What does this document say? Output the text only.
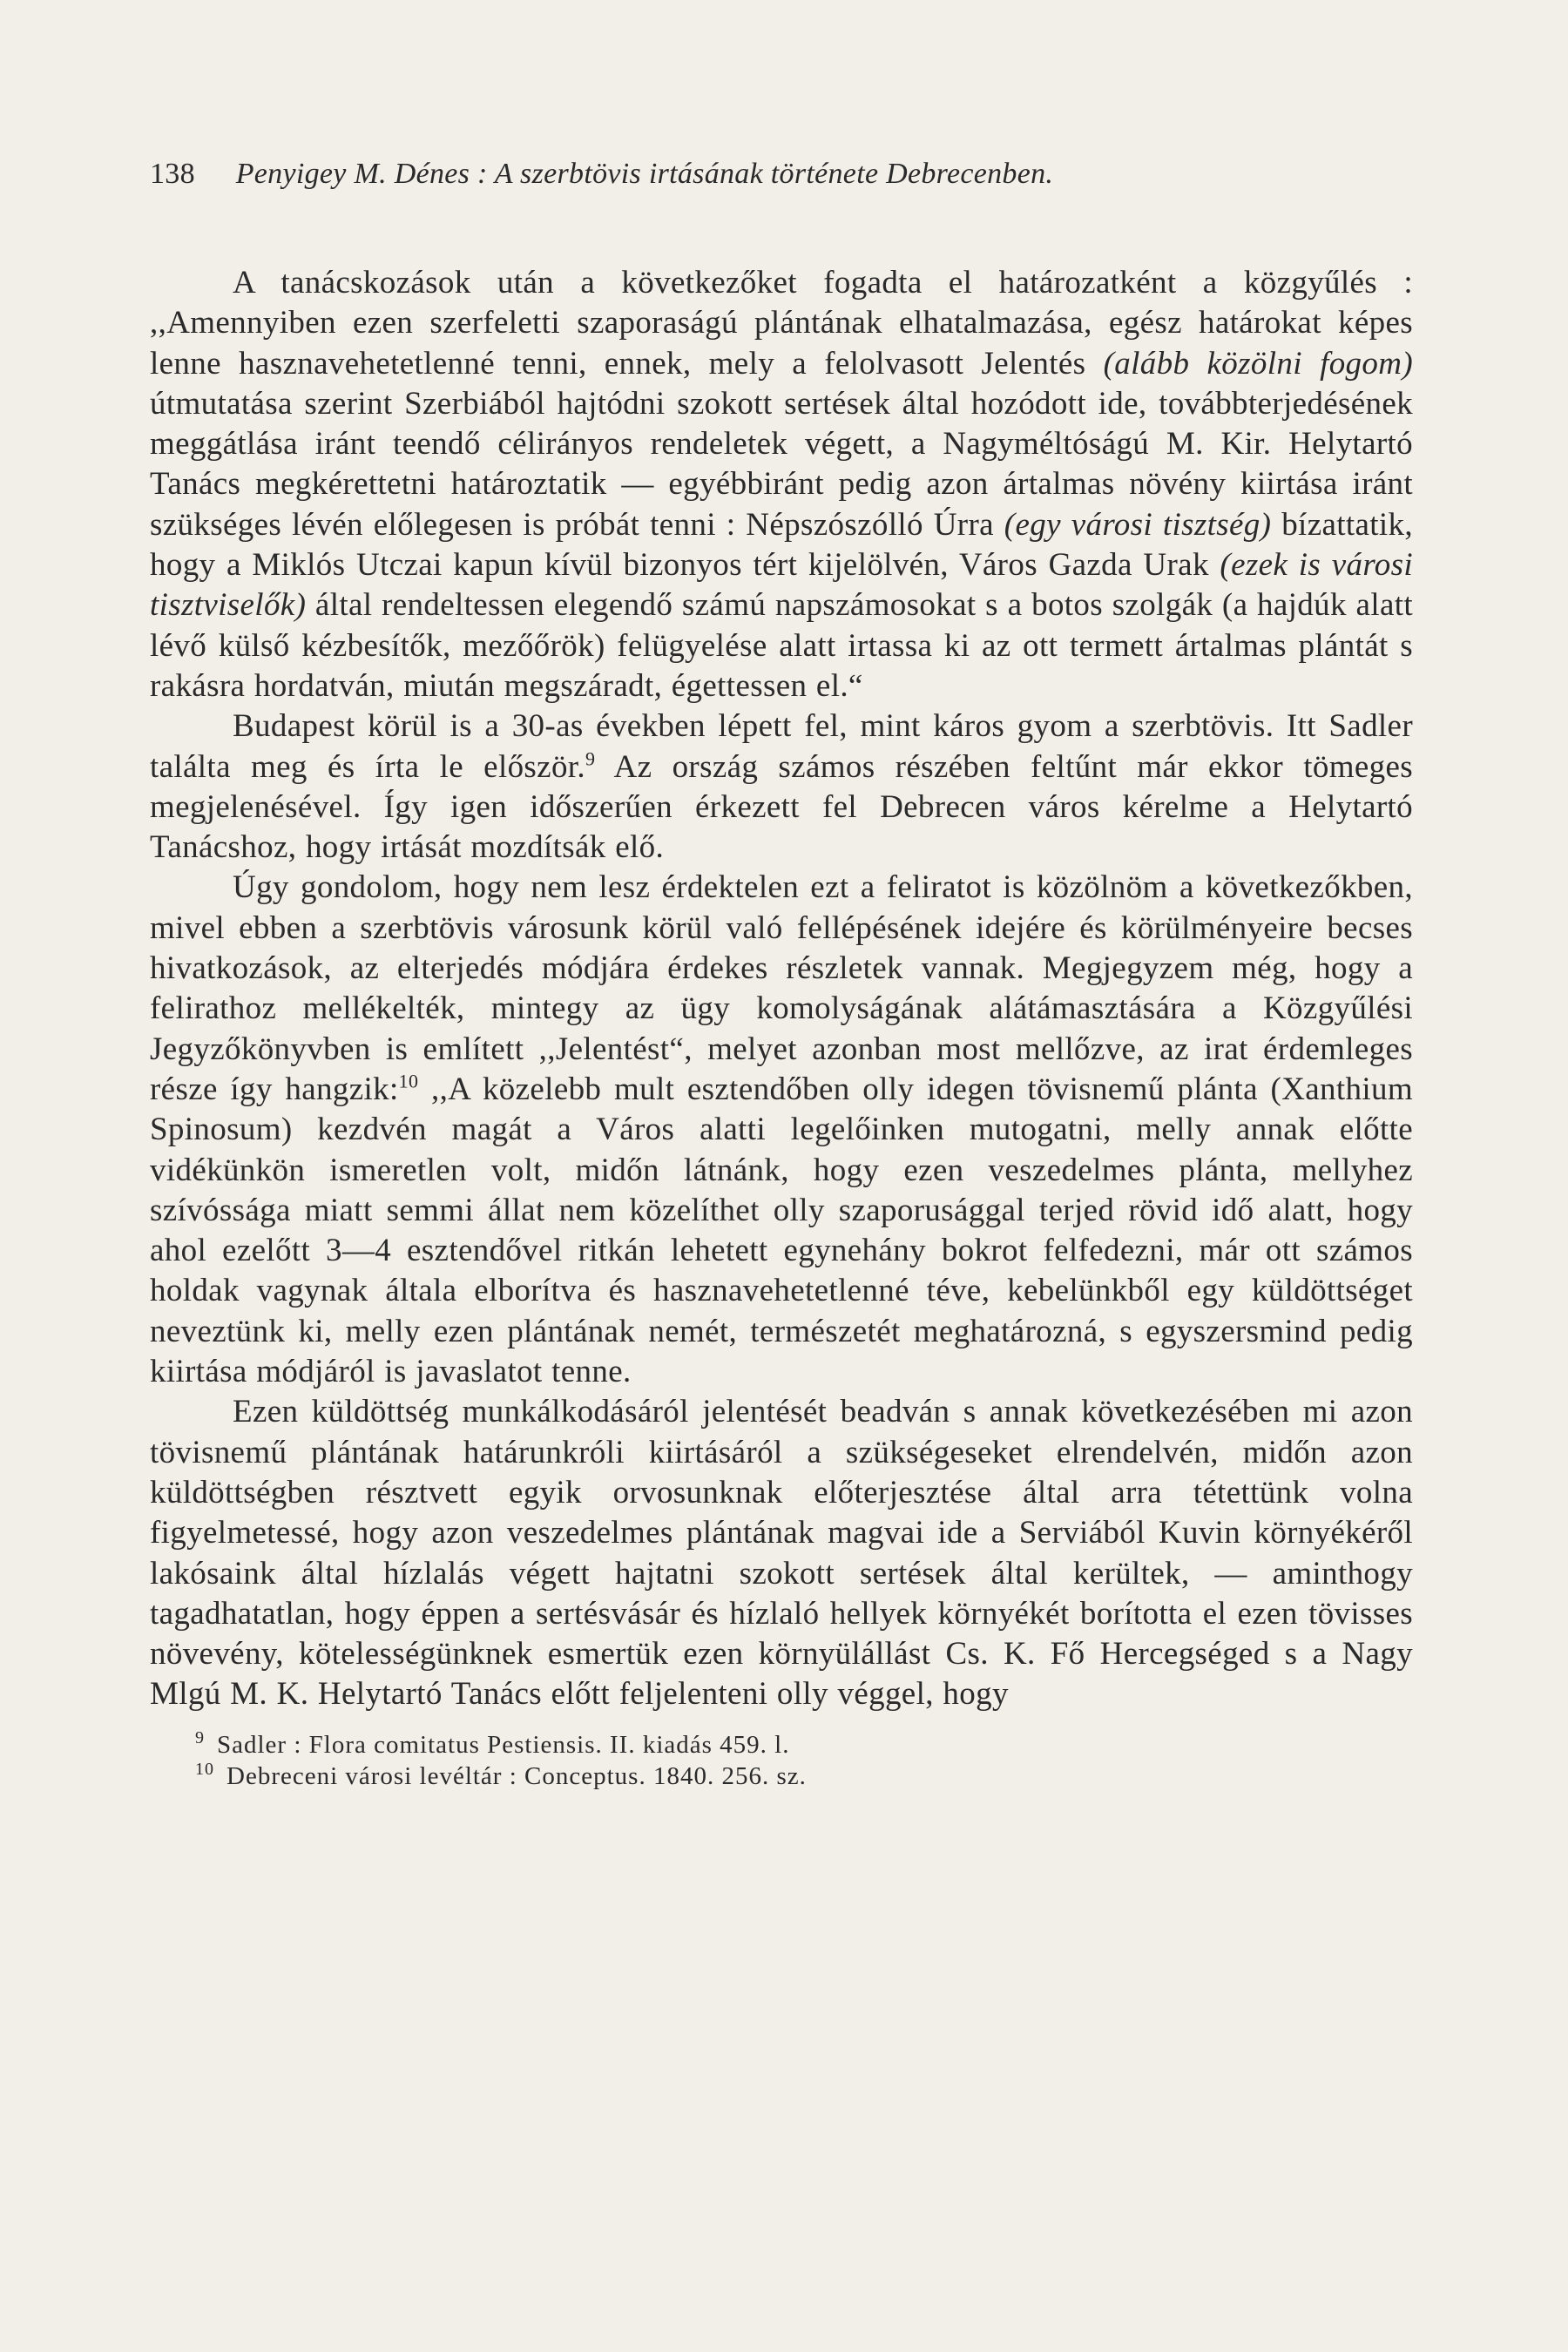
138 Penyigey M. Dénes : A szerbtövis irtásának története Debrecenben.

A tanácskozások után a következőket fogadta el határozatként a közgyűlés : ,,Amennyiben ezen szerfeletti szaporaságú plántának elhatalmazása, egész határokat képes lenne hasznavehetetlenné tenni, ennek, mely a felolvasott Jelentés (alább közölni fogom) útmutatása szerint Szerbiából hajtódni szokott sertések által hozódott ide, továbbterjedésének meggátlása iránt teendő célirányos rendeletek végett, a Nagyméltóságú M. Kir. Helytartó Tanács megkérettetni határoztatik — egyébbiránt pedig azon ártalmas növény kiirtása iránt szükséges lévén előlegesen is próbát tenni : Népszószólló Úrra (egy városi tisztség) bízattatik, hogy a Miklós Utczai kapun kívül bizonyos tért kijelölvén, Város Gazda Urak (ezek is városi tisztviselők) által rendeltessen elegendő számú napszámosokat s a botos szolgák (a hajdúk alatt lévő külső kézbesítők, mezőőrök) felügyelése alatt irtassa ki az ott termett ártalmas plántát s rakásra hordatván, miután megszáradt, égettessen el.“

Budapest körül is a 30-as években lépett fel, mint káros gyom a szerbtövis. Itt Sadler találta meg és írta le először.$^9$ Az ország számos részében feltűnt már ekkor tömeges megjelenésével. Így igen időszerűen érkezett fel Debrecen város kérelme a Helytartó Tanácshoz, hogy irtását mozdítsák elő.

Úgy gondolom, hogy nem lesz érdektelen ezt a feliratot is közölnöm a következőkben, mivel ebben a szerbtövis városunk körül való fellépésének idejére és körülményeire becses hivatkozások, az elterjedés módjára érdekes részletek vannak. Megjegyzem még, hogy a felirathoz mellékelték, mintegy az ügy komolyságának alátámasztására a Közgyűlési Jegyzőkönyvben is említett ,,Jelentést“, melyet azonban most mellőzve, az irat érdemleges része így hangzik:$^{10}$ ,,A közelebb mult esztendőben olly idegen tövisnemű plánta (Xanthium Spinosum) kezdvén magát a Város alatti legelőinken mutogatni, melly annak előtte vidékünkön ismeretlen volt, midőn látnánk, hogy ezen veszedelmes plánta, mellyhez szívóssága miatt semmi állat nem közelíthet olly szaporusággal terjed rövid idő alatt, hogy ahol ezelőtt 3—4 esztendővel ritkán lehetett egynehány bokrot felfedezni, már ott számos holdak vagynak általa elborítva és hasznavehetetlenné téve, kebelünkből egy küldöttséget neveztünk ki, melly ezen plántának nemét, természetét meghatározná, s egyszersmind pedig kiirtása módjáról is javaslatot tenne.

Ezen küldöttség munkálkodásáról jelentését beadván s annak következésében mi azon tövisnemű plántának határunkróli kiirtásáról a szükségeseket elrendelvén, midőn azon küldöttségben résztvett egyik orvosunknak előterjesztése által arra tétettünk volna figyelmetessé, hogy azon veszedelmes plántának magvai ide a Serviából Kuvin környékéről lakósaink által hízlalás végett hajtatni szokott sertések által kerültek, — aminthogy tagadhatatlan, hogy éppen a sertésvásár és hízlaló hellyek környékét borította el ezen tövisses növevény, kötelességünknek esmertük ezen környülállást Cs. K. Fő Hercegséged s a Nagy Mlgú M. K. Helytartó Tanács előtt feljelenteni olly véggel, hogy

$^9$ Sadler : Flora comitatus Pestiensis. II. kiadás 459. l.
$^{10}$ Debreceni városi levéltár : Conceptus. 1840. 256. sz.
